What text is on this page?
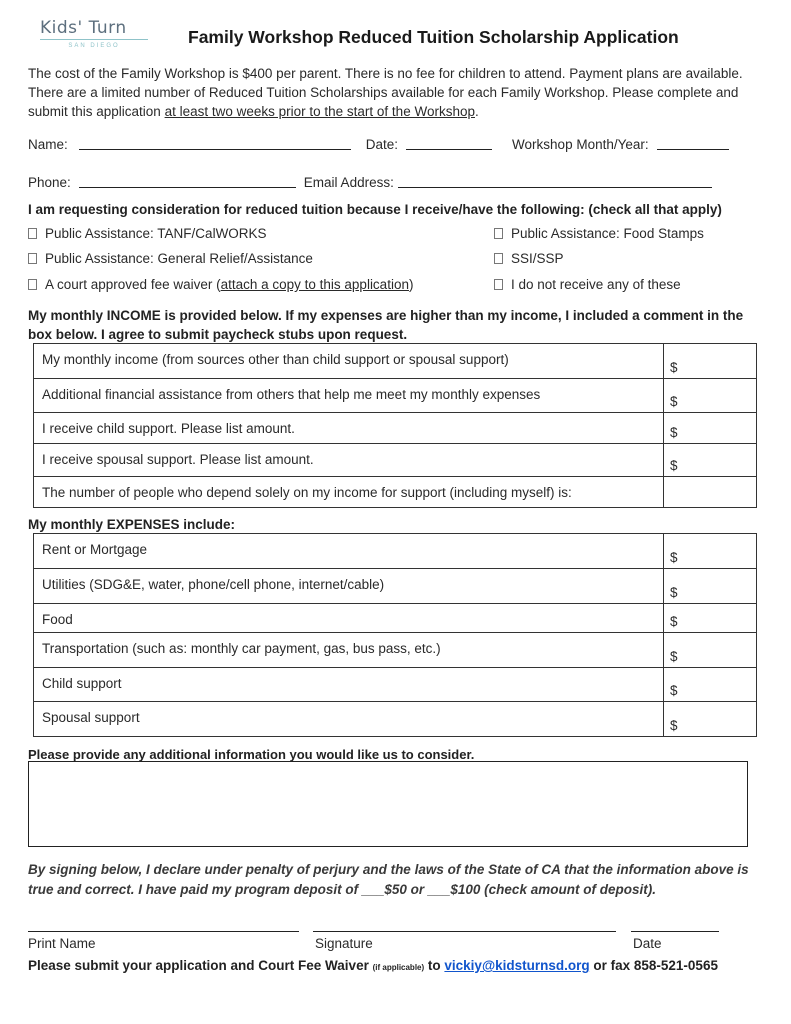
Kids' Turn
SAN DIEGO	Family Workshop Reduced Tuition Scholarship Application
The cost of the Family Workshop is $400 per parent. There is no fee for children to attend. Payment plans are available. There are a limited number of Reduced Tuition Scholarships available for each Family Workshop. Please complete and submit this application at least two weeks prior to the start of the Workshop.
Name:	Date:	Workshop Month/Year:
Phone:	Email Address:
I am requesting consideration for reduced tuition because I receive/have the following: (check all that apply)
Public Assistance: TANF/CalWORKS
Public Assistance: General Relief/Assistance
A court approved fee waiver (attach a copy to this application)
Public Assistance: Food Stamps
SSI/SSP
I do not receive any of these
My monthly INCOME is provided below. If my expenses are higher than my income, I included a comment in the box below. I agree to submit paycheck stubs upon request.
My monthly income (from sources other than child support or spousal support)	$
Additional financial assistance from others that help me meet my monthly expenses	$
I receive child support. Please list amount.	$
I receive spousal support. Please list amount.	$
The number of people who depend solely on my income for support (including myself) is:	
My monthly EXPENSES include:
Rent or Mortgage	$
Utilities (SDG&E, water, phone/cell phone, internet/cable)	$
Food	$
Transportation (such as: monthly car payment, gas, bus pass, etc.)	$
Child support	$
Spousal support	$
Please provide any additional information you would like us to consider.
By signing below, I declare under penalty of perjury and the laws of the State of CA that the information above is true and correct. I have paid my program deposit of ___$50 or ___$100 (check amount of deposit).
Print Name	Signature	Date
Please submit your application and Court Fee Waiver (if applicable) to vickiy@kidsturnsd.org or fax 858-521-0565
